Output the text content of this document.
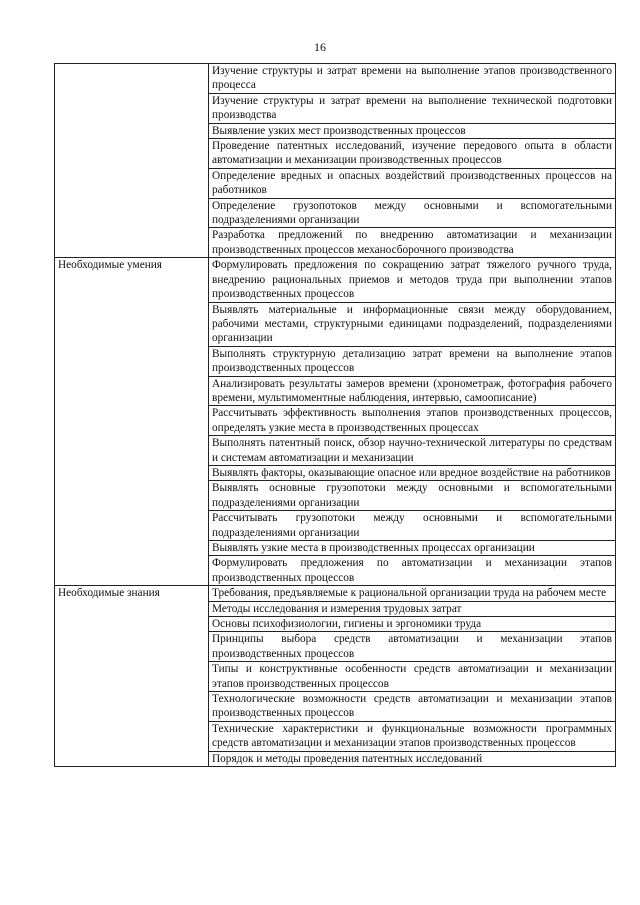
16
	Изучение структуры и затрат времени на выполнение этапов производственного процесса
	Изучение структуры и затрат времени на выполнение технической подготовки производства
	Выявление узких мест производственных процессов
	Проведение патентных исследований, изучение передового опыта в области автоматизации и механизации производственных процессов
	Определение вредных и опасных воздействий производственных процессов на работников
	Определение грузопотоков между основными и вспомогательными подразделениями организации
	Разработка предложений по внедрению автоматизации и механизации производственных процессов механосборочного производства
Необходимые умения	Формулировать предложения по сокращению затрат тяжелого ручного труда, внедрению рациональных приемов и методов труда при выполнении этапов производственных процессов
	Выявлять материальные и информационные связи между оборудованием, рабочими местами, структурными единицами подразделений, подразделениями организации
	Выполнять структурную детализацию затрат времени на выполнение этапов производственных процессов
	Анализировать результаты замеров времени (хронометраж, фотография рабочего времени, мультимоментные наблюдения, интервью, самоописание)
	Рассчитывать эффективность выполнения этапов производственных процессов, определять узкие места в производственных процессах
	Выполнять патентный поиск, обзор научно-технической литературы по средствам и системам автоматизации и механизации
	Выявлять факторы, оказывающие опасное или вредное воздействие на работников
	Выявлять основные грузопотоки между основными и вспомогательными подразделениями организации
	Рассчитывать грузопотоки между основными и вспомогательными подразделениями организации
	Выявлять узкие места в производственных процессах организации
	Формулировать предложения по автоматизации и механизации этапов производственных процессов
Необходимые знания	Требования, предъявляемые к рациональной организации труда на рабочем месте
	Методы исследования и измерения трудовых затрат
	Основы психофизиологии, гигиены и эргономики труда
	Принципы выбора средств автоматизации и механизации этапов производственных процессов
	Типы и конструктивные особенности средств автоматизации и механизации этапов производственных процессов
	Технологические возможности средств автоматизации и механизации этапов производственных процессов
	Технические характеристики и функциональные возможности программных средств автоматизации и механизации этапов производственных процессов
	Порядок и методы проведения патентных исследований
